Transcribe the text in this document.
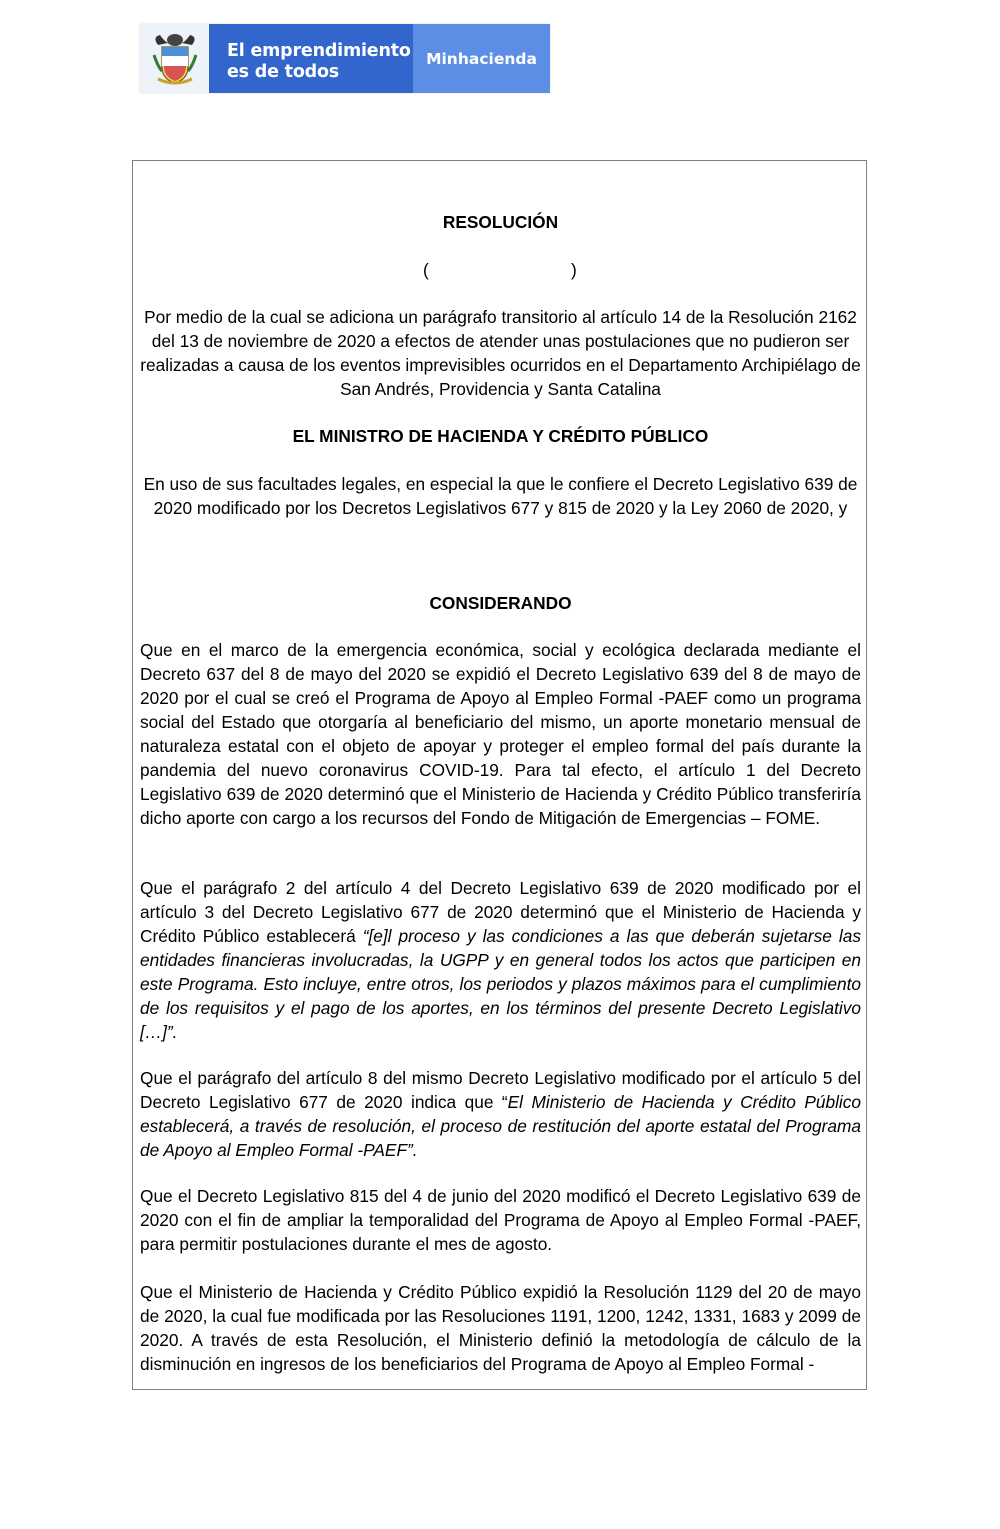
El emprendimiento
es de todos
Minhacienda

RESOLUCIÓN

(	)

Por medio de la cual se adiciona un parágrafo transitorio al artículo 14 de la Resolución 2162 del 13 de noviembre de 2020 a efectos de atender unas postulaciones que no pudieron ser realizadas a causa de los eventos imprevisibles ocurridos en el Departamento Archipiélago de San Andrés, Providencia y Santa Catalina

EL MINISTRO DE HACIENDA Y CRÉDITO PÚBLICO

En uso de sus facultades legales, en especial la que le confiere el Decreto Legislativo 639 de 2020 modificado por los Decretos Legislativos 677 y 815 de 2020 y la Ley 2060 de 2020, y

CONSIDERANDO

Que en el marco de la emergencia económica, social y ecológica declarada mediante el Decreto 637 del 8 de mayo del 2020 se expidió el Decreto Legislativo 639 del 8 de mayo de 2020 por el cual se creó el Programa de Apoyo al Empleo Formal -PAEF como un programa social del Estado que otorgaría al beneficiario del mismo, un aporte monetario mensual de naturaleza estatal con el objeto de apoyar y proteger el empleo formal del país durante la pandemia del nuevo coronavirus COVID-19. Para tal efecto, el artículo 1 del Decreto Legislativo 639 de 2020 determinó que el Ministerio de Hacienda y Crédito Público transferiría dicho aporte con cargo a los recursos del Fondo de Mitigación de Emergencias – FOME.

Que el parágrafo 2 del artículo 4 del Decreto Legislativo 639 de 2020 modificado por el artículo 3 del Decreto Legislativo 677 de 2020 determinó que el Ministerio de Hacienda y Crédito Público establecerá “[e]l proceso y las condiciones a las que deberán sujetarse las entidades financieras involucradas, la UGPP y en general todos los actos que participen en este Programa. Esto incluye, entre otros, los periodos y plazos máximos para el cumplimiento de los requisitos y el pago de los aportes, en los términos del presente Decreto Legislativo […]”.

Que el parágrafo del artículo 8 del mismo Decreto Legislativo modificado por el artículo 5 del Decreto Legislativo 677 de 2020 indica que “El Ministerio de Hacienda y Crédito Público establecerá, a través de resolución, el proceso de restitución del aporte estatal del Programa de Apoyo al Empleo Formal -PAEF”.

Que el Decreto Legislativo 815 del 4 de junio del 2020 modificó el Decreto Legislativo 639 de 2020 con el fin de ampliar la temporalidad del Programa de Apoyo al Empleo Formal -PAEF, para permitir postulaciones durante el mes de agosto.

Que el Ministerio de Hacienda y Crédito Público expidió la Resolución 1129 del 20 de mayo de 2020, la cual fue modificada por las Resoluciones 1191, 1200, 1242, 1331, 1683 y 2099 de 2020. A través de esta Resolución, el Ministerio definió la metodología de cálculo de la disminución en ingresos de los beneficiarios del Programa de Apoyo al Empleo Formal -
